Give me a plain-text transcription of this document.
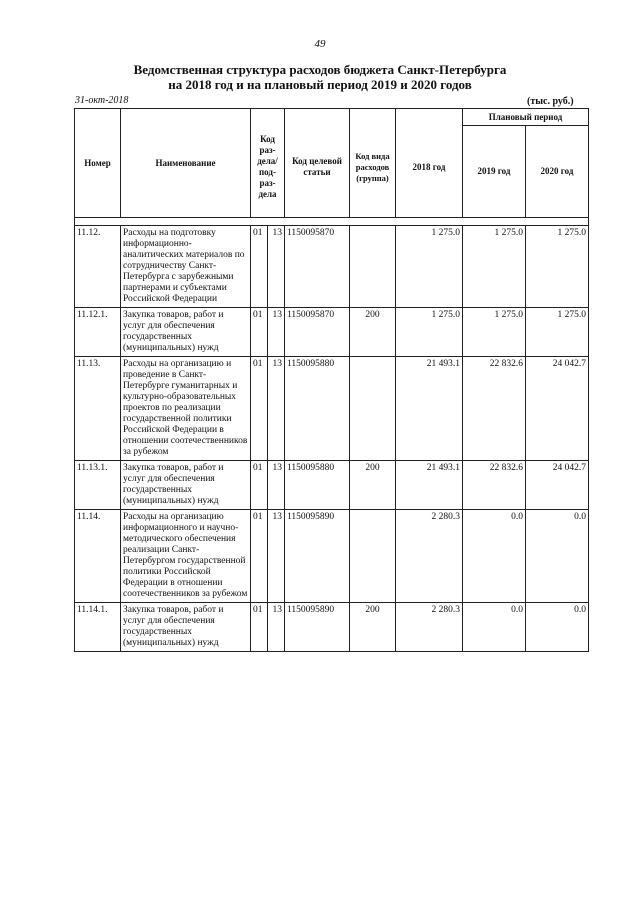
49
Ведомственная структура расходов бюджета Санкт-Петербурга
на 2018 год и на плановый период 2019 и 2020 годов
31-окт-2018	(тыс. руб.)
Номер	Наименование	Код раз-дела/ под-раз-дела		Код целевой статьи	Код вида расходов (группа)	2018 год	Плановый период	
							2019 год	2020 год

11.12.	Расходы на подготовку информационно-аналитических материалов по сотрудничеству Санкт-Петербурга с зарубежными партнерами и субъектами Российской Федерации	01	13	1150095870		1 275.0	1 275.0	1 275.0
11.12.1.	Закупка товаров, работ и услуг для обеспечения государственных (муниципальных) нужд	01	13	1150095870	200	1 275.0	1 275.0	1 275.0
11.13.	Расходы на организацию и проведение в Санкт-Петербурге гуманитарных и культурно-образовательных проектов по реализации государственной политики Российской Федерации в отношении соотечественников за рубежом	01	13	1150095880		21 493.1	22 832.6	24 042.7
11.13.1.	Закупка товаров, работ и услуг для обеспечения государственных (муниципальных) нужд	01	13	1150095880	200	21 493.1	22 832.6	24 042.7
11.14.	Расходы на организацию информационного и научно-методического обеспечения реализации Санкт-Петербургом государственной политики Российской Федерации в отношении соотечественников за рубежом	01	13	1150095890		2 280.3	0.0	0.0
11.14.1.	Закупка товаров, работ и услуг для обеспечения государственных (муниципальных) нужд	01	13	1150095890	200	2 280.3	0.0	0.0
